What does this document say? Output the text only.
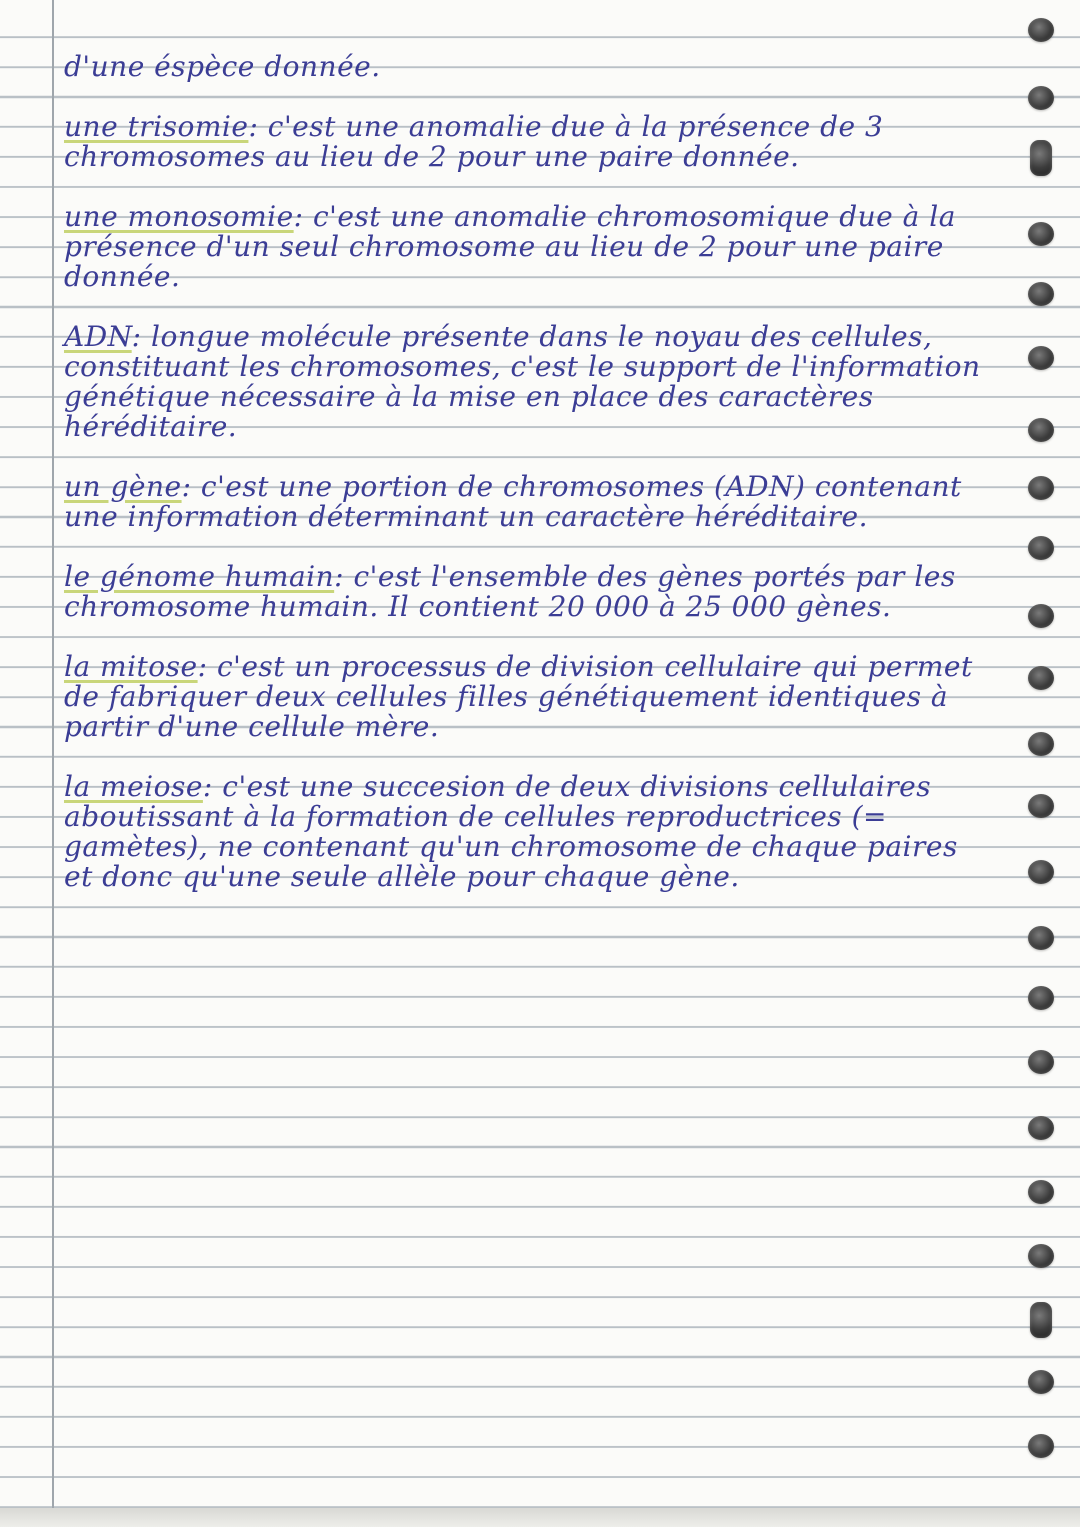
d'une éspèce donnée.
une trisomie: c'est une anomalie due à la présence de 3 chromosomes au lieu de 2 pour une paire donnée.
une monosomie: c'est une anomalie chromosomique due à la présence d'un seul chromosome au lieu de 2 pour une paire donnée.
ADN: longue molécule présente dans le noyau des cellules, constituant les chromosomes, c'est le support de l'information génétique nécessaire à la mise en place des caractères héréditaire.
un gène: c'est une portion de chromosomes (ADN) contenant une information déterminant un caractère héréditaire.
le génome humain: c'est l'ensemble des gènes portés par les chromosome humain. Il contient 20 000 à 25 000 gènes.
la mitose: c'est un processus de division cellulaire qui permet de fabriquer deux cellules filles génétiquement identiques à partir d'une cellule mère.
la meiose: c'est une succesion de deux divisions cellulaires aboutissant à la formation de cellules reproductrices (= gamètes), ne contenant qu'un chromosome de chaque paires et donc qu'une seule allèle pour chaque gène.
